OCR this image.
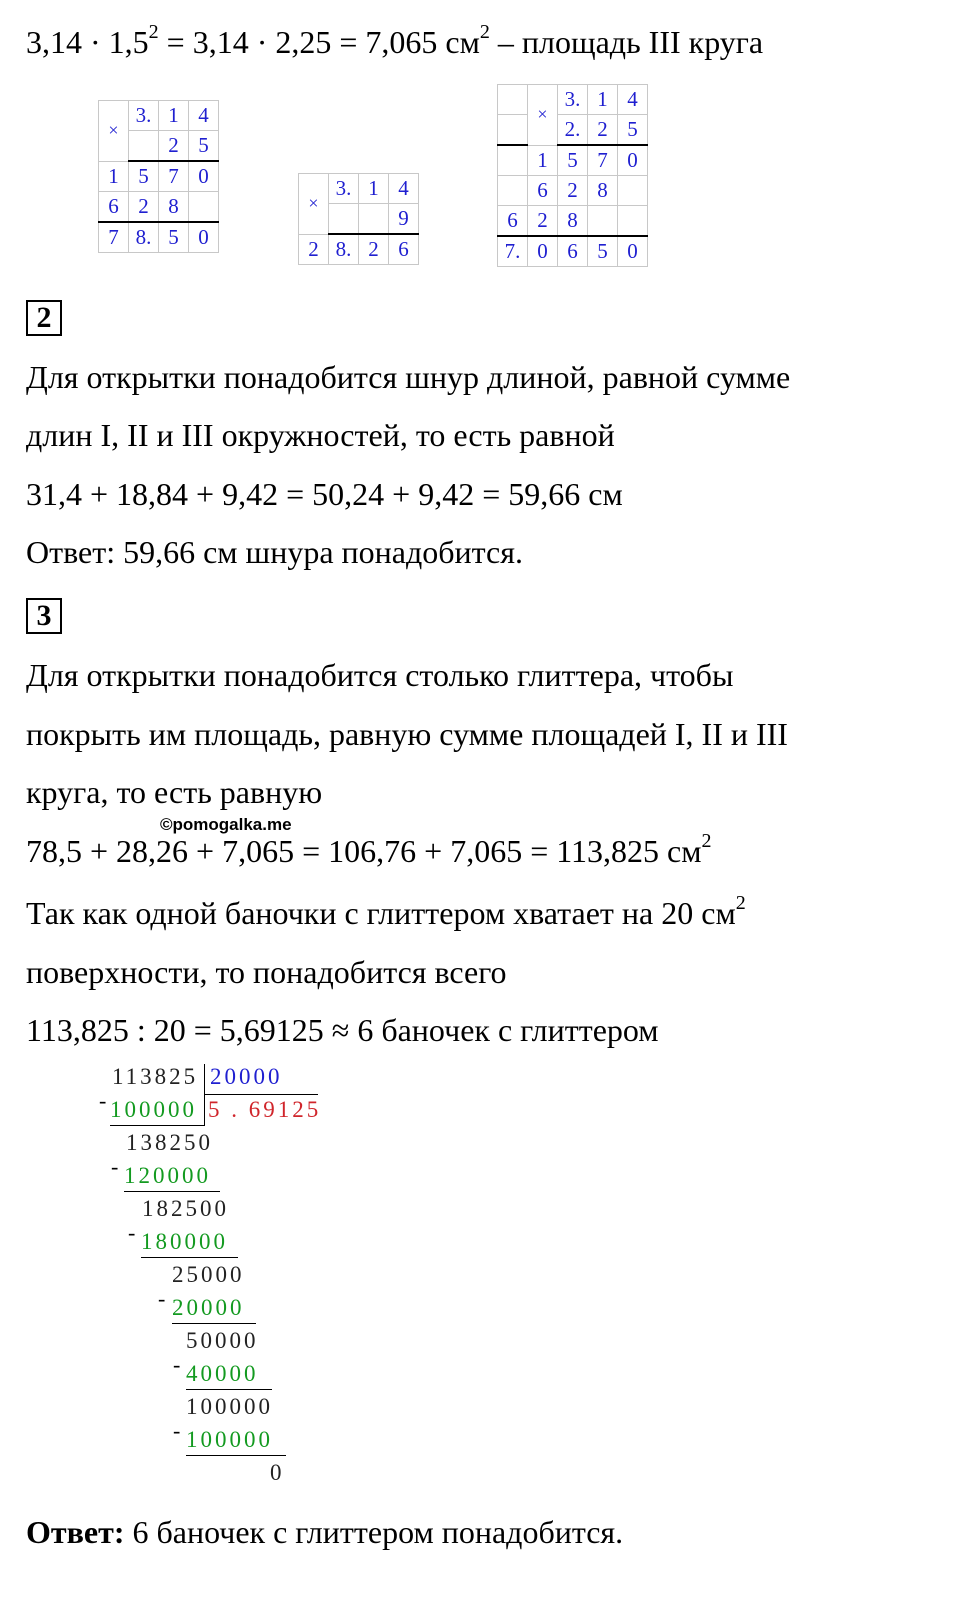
$3,14 \cdot 1,5^2 = 3,14 \cdot 2,25 = 7,065$ $см^2$ – площадь III круга
×	3.	1	4
		2	5
1	5	7	0
6	2	8	
7	8.	5	0
×	3.	1	4
			9
2	8.	2	6
	×	3.	1	4
		2.	2	5
	1	5	7	0
	6	2	8	
6	2	8		
7.	0	6	5	0
2
Для открытки понадобится шнур длиной, равной сумме
длин I, II и III окружностей, то есть равной
31,4 + 18,84 + 9,42 = 50,24 + 9,42 = 59,66 см
Ответ: 59,66 см шнура понадобится.
3
Для открытки понадобится столько глиттера, чтобы
покрыть им площадь, равную сумме площадей I, II и III
круга, то есть равную
©pomogalka.me
78,5 + 28,26 + 7,065 = 106,76 + 7,065 = 113,825 $см^2$
Так как одной баночки с глиттером хватает на 20 $см^2$
поверхности, то понадобится всего
113,825 : 20 = 5,69125 ≈ 6 баночек с глиттером
113825 20000
5 . 69125
- 100000
138250
- 120000
182500
- 180000
25000
- 20000
50000
- 40000
100000
- 100000
0
Ответ: 6 баночек с глиттером понадобится.
